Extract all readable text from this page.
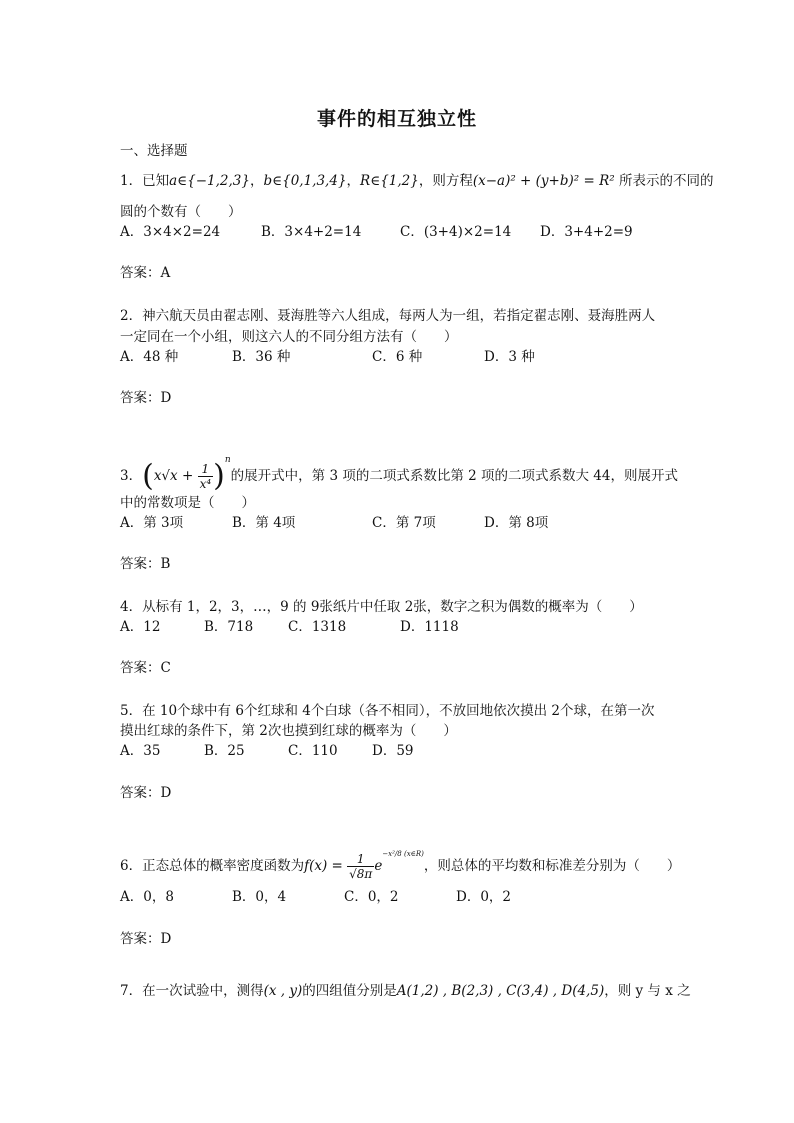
事件的相互独立性
一、选择题
1．已知a∈{−1,2,3}，b∈{0,1,3,4}，R∈{1,2}，则方程(x−a)² + (y+b)² = R² 所表示的不同的
圆的个数有（　　）
A．3×4×2=24	B．3×4+2=14	C．(3+4)×2=14 D．3+4+2=9
答案：A
2．神六航天员由翟志刚、聂海胜等六人组成，每两人为一组，若指定翟志刚、聂海胜两人
一定同在一个小组，则这六人的不同分组方法有（　　）
A．48 种	B．36 种	C．6 种	D．3 种
答案：D
3．$(x√x + \frac{1}{\text{x⁴}} )^n$的展开式中，第 3 项的二项式系数比第 2 项的二项式系数大 44，则展开式
中的常数项是（　　）
A．第 3项	B．第 4项	C．第 7项	D．第 8项
答案：B
4．从标有 1，2，3，…，9 的 9张纸片中任取 2张，数字之积为偶数的概率为（　　）
A．12	B．718	C．1318	D．1118
答案：C
5．在 10个球中有 6个红球和 4个白球（各不相同），不放回地依次摸出 2个球，在第一次
摸出红球的条件下，第 2次也摸到红球的概率为（　　）
A．35	B．25	C．110	D．59
答案：D
6．正态总体的概率密度函数为$f(x) = \frac{1}{√8\pi} e^{-x^2/8 (x\in R)}$，则总体的平均数和标准差分别为（　　）
A．0，8	B．0，4	C．0，2	D．0，2
答案：D
7．在一次试验中，测得(x , y)的四组值分别是A(1,2) , B(2,3) , C(3,4) , D(4,5)，则 y 与 x 之
